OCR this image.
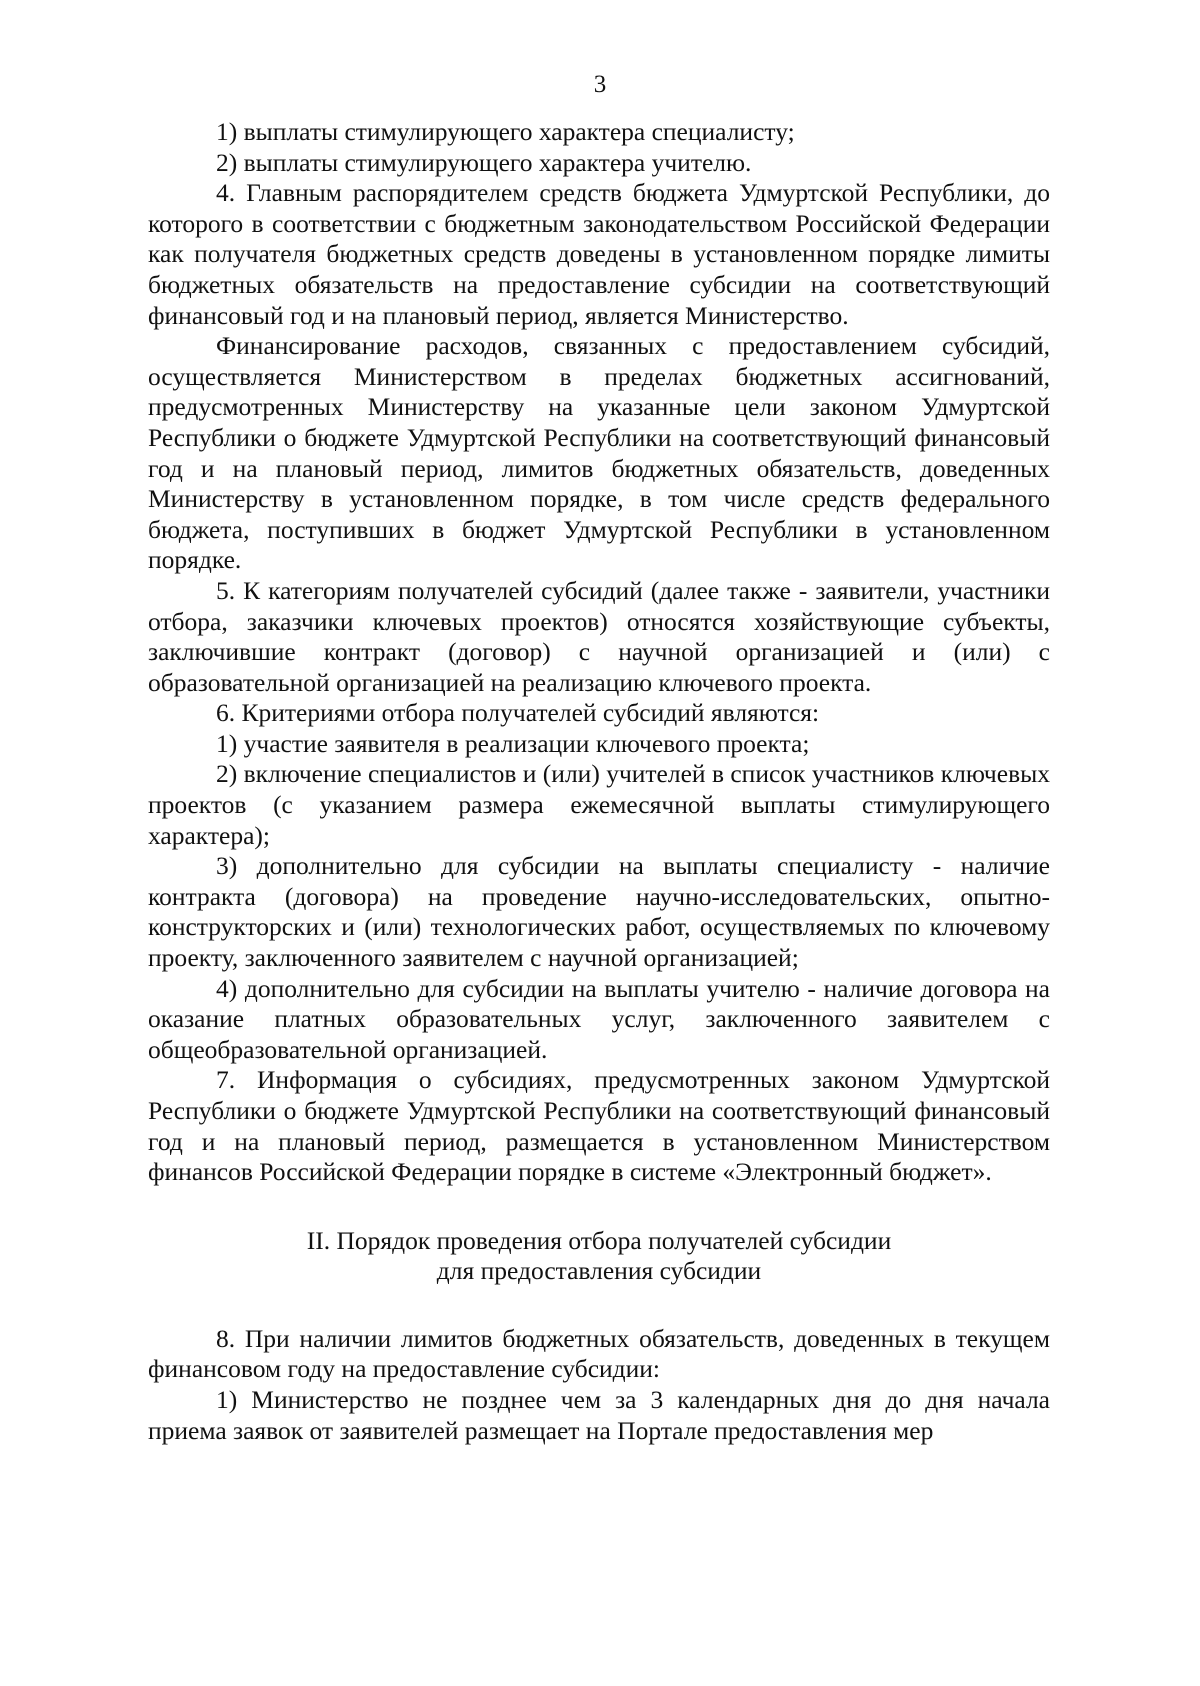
3

1) выплаты стимулирующего характера специалисту;

2) выплаты стимулирующего характера учителю.

4. Главным распорядителем средств бюджета Удмуртской Республики, до которого в соответствии с бюджетным законодательством Российской Федерации как получателя бюджетных средств доведены в установленном порядке лимиты бюджетных обязательств на предоставление субсидии на соответствующий финансовый год и на плановый период, является Министерство.

Финансирование расходов, связанных с предоставлением субсидий, осуществляется Министерством в пределах бюджетных ассигнований, предусмотренных Министерству на указанные цели законом Удмуртской Республики о бюджете Удмуртской Республики на соответствующий финансовый год и на плановый период, лимитов бюджетных обязательств, доведенных Министерству в установленном порядке, в том числе средств федерального бюджета, поступивших в бюджет Удмуртской Республики в установленном порядке.

5. К категориям получателей субсидий (далее также - заявители, участники отбора, заказчики ключевых проектов) относятся хозяйствующие субъекты, заключившие контракт (договор) с научной организацией и (или) с образовательной организацией на реализацию ключевого проекта.

6. Критериями отбора получателей субсидий являются:

1) участие заявителя в реализации ключевого проекта;

2) включение специалистов и (или) учителей в список участников ключевых проектов (с указанием размера ежемесячной выплаты стимулирующего характера);

3) дополнительно для субсидии на выплаты специалисту - наличие контракта (договора) на проведение научно-исследовательских, опытно-конструкторских и (или) технологических работ, осуществляемых по ключевому проекту, заключенного заявителем с научной организацией;

4) дополнительно для субсидии на выплаты учителю - наличие договора на оказание платных образовательных услуг, заключенного заявителем с общеобразовательной организацией.

7. Информация о субсидиях, предусмотренных законом Удмуртской Республики о бюджете Удмуртской Республики на соответствующий финансовый год и на плановый период, размещается в установленном Министерством финансов Российской Федерации порядке в системе «Электронный бюджет».

II. Порядок проведения отбора получателей субсидии
для предоставления субсидии

8. При наличии лимитов бюджетных обязательств, доведенных в текущем финансовом году на предоставление субсидии:

1) Министерство не позднее чем за 3 календарных дня до дня начала приема заявок от заявителей размещает на Портале предоставления мер
